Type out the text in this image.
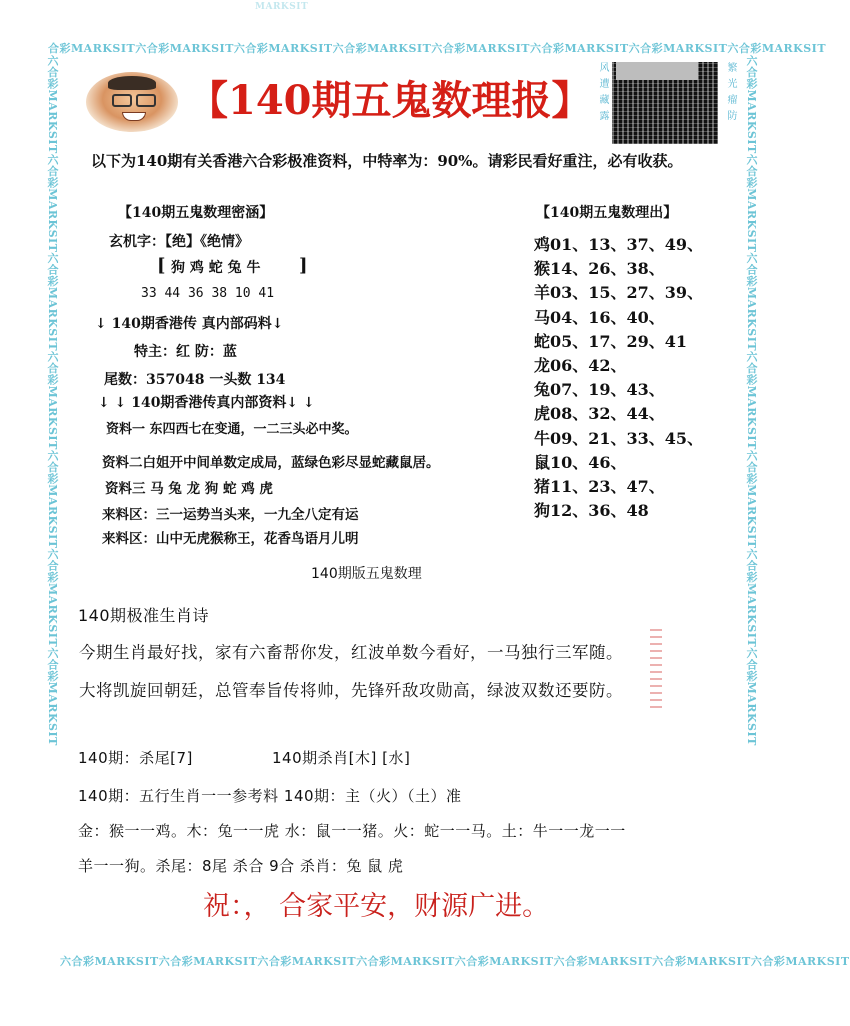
MARKSIT
合彩MARKSIT六合彩MARKSIT六合彩MARKSIT六合彩MARKSIT六合彩MARKSIT六合彩MARKSIT六合彩MARKSIT六合彩MARKSIT
六合彩MARKSIT六合彩MARKSIT六合彩MARKSIT六合彩MARKSIT六合彩MARKSIT六合彩MARKSIT六合彩MARKSIT六合彩MARKSIT
六合彩MARKSIT六合彩MARKSIT六合彩MARKSIT六合彩MARKSIT六合彩MARKSIT六合彩MARKSIT六合彩MARKSIT	六合彩MARKSIT六合彩MARKSIT六合彩MARKSIT六合彩MARKSIT六合彩MARKSIT六合彩MARKSIT六合彩MARKSIT
【140期五鬼数理报】 风遭藏露	繁光瘤防
以下为140期有关香港六合彩极准资料，中特率为：90%。请彩民看好重注，必有收获。
【140期五鬼数理密涵】
玄机字：【绝】《绝情》
[ 狗 鸡 蛇 兔 牛 ]
33 44 36 38 10 41
↓ 140期香港传 真内部码料↓
特主：红 防：蓝
尾数：357048 一头数 134
↓ ↓ 140期香港传真内部资料↓ ↓
资料一 东四西七在变通，一二三头必中奖。
资料二白姐开中间单数定成局，蓝绿色彩尽显蛇藏鼠居。
资料三 马 兔 龙 狗 蛇 鸡 虎
来料区：三一运势当头来，一九全八定有运
来料区：山中无虎猴称王，花香鸟语月儿明
【140期五鬼数理出】
鸡01、13、37、49、
猴14、26、38、
羊03、15、27、39、
马04、16、40、
蛇05、17、29、41
龙06、42、
兔07、19、43、
虎08、32、44、
牛09、21、33、45、
鼠10、46、
猪11、23、47、
狗12、36、48
140期版五鬼数理
140期极准生肖诗
今期生肖最好找，家有六畜帮你发，红波单数今看好，一马独行三军随。
大将凯旋回朝廷，总管奉旨传将帅，先锋歼敌攻勋高，绿波双数还要防。
140期：杀尾[7]	140期杀肖[木] [水]
140期：五行生肖一一参考料 140期：主（火）（土）准
金：猴一一鸡。木：兔一一虎 水：鼠一一猪。火：蛇一一马。土：牛一一龙一一
羊一一狗。杀尾：8尾 杀合 9合 杀肖：兔 鼠 虎
祝：， 合家平安，财源广进。
